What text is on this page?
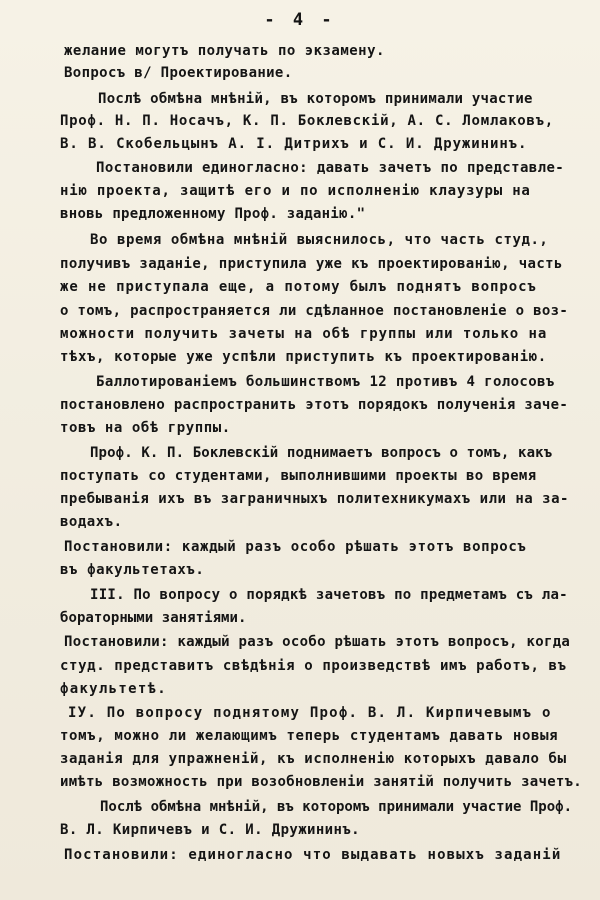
- 4 -
желание могутъ получать по экзамену.
Вопросъ в/ Проектирование.
Послѣ обмѣна мнѣнiй, въ которомъ принимали участие
Проф. Н. П. Носачъ, К. П. Боклевскiй, А. С. Ломлаковъ,
В. В. Скобельцынъ А. I. Дитрихъ и С. И. Дружининъ.
Постановили единогласно: давать зачетъ по представле-
нiю проекта, защитѣ его и по исполненiю клаузуры на
вновь предложенному Проф. заданiю."
Во время обмѣна мнѣнiй выяснилось, что часть студ.,
получивъ заданiе, приступила уже къ проектированiю, часть
же не приступала еще, а потому былъ поднятъ вопросъ
о томъ, распространяется ли сдѣланное постановленiе о воз-
можности получить зачеты на обѣ группы или только на
тѣхъ, которые уже успѣли приступить къ проектированiю.
Баллотированiемъ большинствомъ 12 противъ 4 голосовъ
постановлено распространить этотъ порядокъ полученiя заче-
товъ на обѣ группы.
Проф. К. П. Боклевскiй поднимаетъ вопросъ о томъ, какъ
поступать со студентами, выполнившими проекты во время
пребыванiя ихъ въ заграничныхъ политехникумахъ или на за-
водахъ.
Постановили: каждый разъ особо рѣшать этотъ вопросъ
въ факультетахъ.
III. По вопросу о порядкѣ зачетовъ по предметамъ съ ла-
бораторными занятiями.
Постановили: каждый разъ особо рѣшать этотъ вопросъ, когда
студ. представитъ свѣдѣнiя о произведствѣ имъ работъ, въ
факультетѣ.
IУ. По вопросу поднятому Проф. В. Л. Кирпичевымъ о
томъ, можно ли желающимъ теперь студентамъ давать новыя
заданiя для упражненiй, къ исполненiю которыхъ давало бы
имѣть возможность при возобновленiи занятiй получить зачетъ.
Послѣ обмѣна мнѣнiй, въ которомъ принимали участие Проф.
В. Л. Кирпичевъ и С. И. Дружининъ.
Постановили: единогласно что выдавать новыхъ заданiй
